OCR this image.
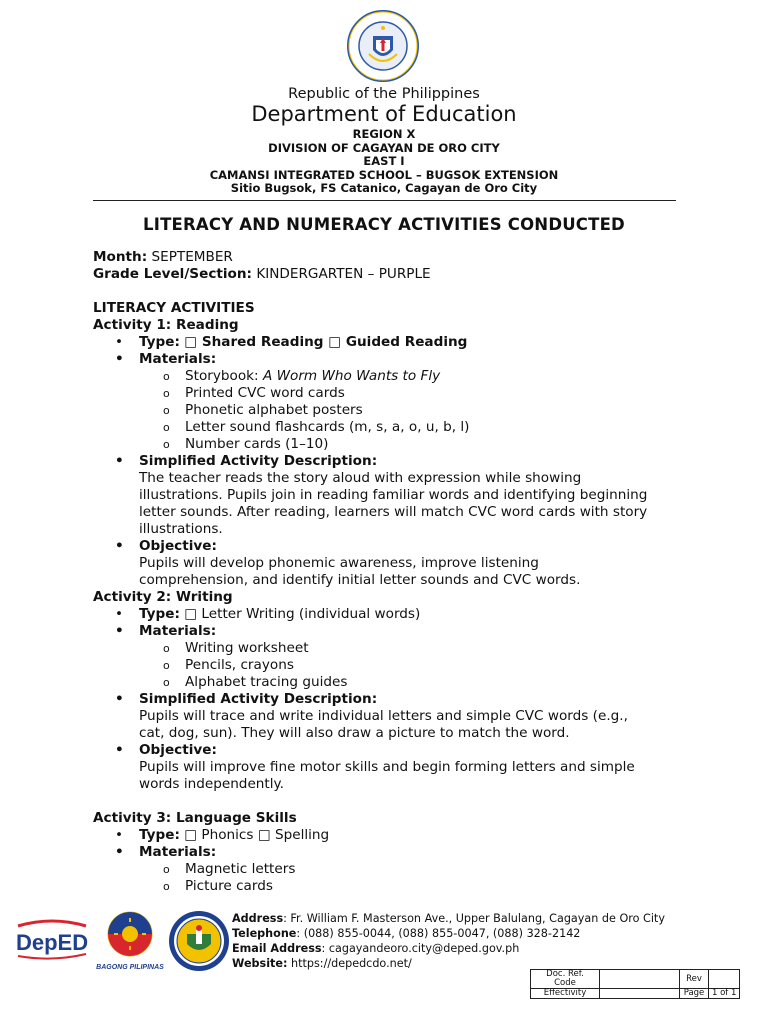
Republic of the Philippines
Department of Education
REGION X
DIVISION OF CAGAYAN DE ORO CITY
EAST I
CAMANSI INTEGRATED SCHOOL – BUGSOK EXTENSION
Sitio Bugsok, FS Catanico, Cagayan de Oro City
LITERACY AND NUMERACY ACTIVITIES CONDUCTED

Month: SEPTEMBER

Grade Level/Section: KINDERGARTEN – PURPLE

LITERACY ACTIVITIES

Activity 1: Reading

• Type: □ Shared Reading □ Guided Reading

• Materials:

o Storybook: A Worm Who Wants to Fly

o Printed CVC word cards

o Phonetic alphabet posters

o Letter sound flashcards (m, s, a, o, u, b, l)

o Number cards (1–10)

• Simplified Activity Description:

The teacher reads the story aloud with expression while showing

illustrations. Pupils join in reading familiar words and identifying beginning

letter sounds. After reading, learners will match CVC word cards with story

illustrations.

• Objective:

Pupils will develop phonemic awareness, improve listening

comprehension, and identify initial letter sounds and CVC words.

Activity 2: Writing

• Type: □ Letter Writing (individual words)

• Materials:

o Writing worksheet

o Pencils, crayons

o Alphabet tracing guides

• Simplified Activity Description:

Pupils will trace and write individual letters and simple CVC words (e.g.,

cat, dog, sun). They will also draw a picture to match the word.

• Objective:

Pupils will improve fine motor skills and begin forming letters and simple

words independently.

Activity 3: Language Skills

• Type: □ Phonics □ Spelling

• Materials:

o Magnetic letters

o Picture cards

DepED
BAGONG PILIPINAS
Address: Fr. William F. Masterson Ave., Upper Balulang, Cagayan de Oro City
Telephone: (088) 855-0044, (088) 855-0047, (088) 328-2142
Email Address: cagayandeoro.city@deped.gov.ph
Website: https://depedcdo.net/
Doc. Ref. Code		Rev	
Effectivity		Page	1 of 1
